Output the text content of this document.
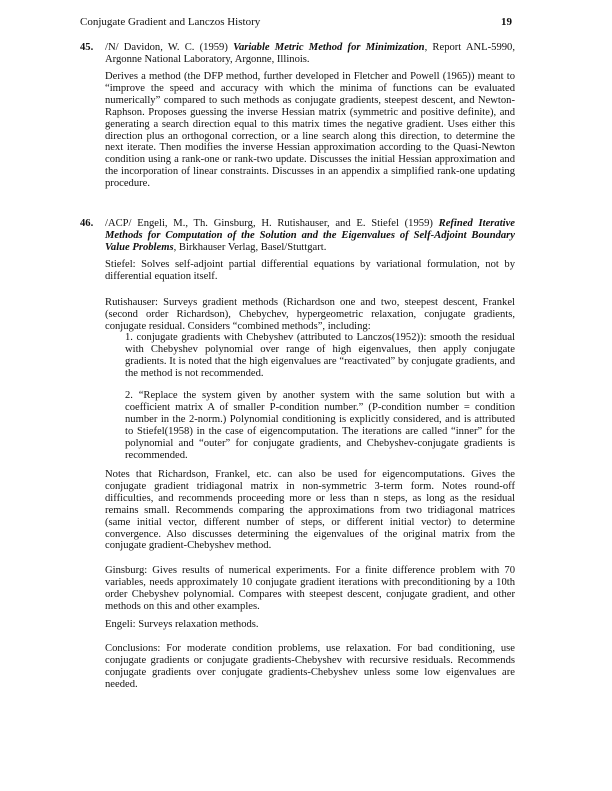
Conjugate Gradient and Lanczos History	19
45. /N/ Davidon, W. C. (1959) Variable Metric Method for Minimization, Report ANL-5990, Argonne National Laboratory, Argonne, Illinois.
Derives a method (the DFP method, further developed in Fletcher and Powell (1965)) meant to “improve the speed and accuracy with which the minima of functions can be evaluated numerically” compared to such methods as conjugate gradients, steepest descent, and Newton-Raphson. Proposes guessing the inverse Hessian matrix (symmetric and positive definite), and generating a search direction equal to this matrix times the negative gradient. Uses either this direction plus an orthogonal correction, or a line search along this direction, to determine the next iterate. Then modifies the inverse Hessian approximation according to the Quasi-Newton condition using a rank-one or rank-two update. Discusses the initial Hessian approximation and the incorporation of linear constraints. Discusses in an appendix a simplified rank-one updating procedure.
46. /ACP/ Engeli, M., Th. Ginsburg, H. Rutishauser, and E. Stiefel (1959) Refined Iterative Methods for Computation of the Solution and the Eigenvalues of Self-Adjoint Boundary Value Problems, Birkhauser Verlag, Basel/Stuttgart.
Stiefel: Solves self-adjoint partial differential equations by variational formulation, not by differential equation itself.
Rutishauser: Surveys gradient methods (Richardson one and two, steepest descent, Frankel (second order Richardson), Chebychev, hypergeometric relaxation, conjugate gradients, conjugate residual. Considers “combined methods”, including:
1. conjugate gradients with Chebyshev (attributed to Lanczos(1952)): smooth the residual with Chebyshev polynomial over range of high eigenvalues, then apply conjugate gradients. It is noted that the high eigenvalues are “reactivated” by conjugate gradients, and the method is not recommended.
2. “Replace the system given by another system with the same solution but with a coefficient matrix A of smaller P-condition number.” (P-condition number = condition number in the 2-norm.) Polynomial conditioning is explicitly considered, and is attributed to Stiefel(1958) in the case of eigencomputation. The iterations are called “inner” for the polynomial and “outer” for conjugate gradients, and Chebyshev-conjugate gradients is recommended.
Notes that Richardson, Frankel, etc. can also be used for eigencomputations. Gives the conjugate gradient tridiagonal matrix in non-symmetric 3-term form. Notes round-off difficulties, and recommends proceeding more or less than n steps, as long as the residual remains small. Recommends comparing the approximations from two tridiagonal matrices (same initial vector, different number of steps, or different initial vector) to determine convergence. Also discusses determining the eigenvalues of the original matrix from the conjugate gradient-Chebyshev method.
Ginsburg: Gives results of numerical experiments. For a finite difference problem with 70 variables, needs approximately 10 conjugate gradient iterations with preconditioning by a 10th order Chebyshev polynomial. Compares with steepest descent, conjugate gradient, and other methods on this and other examples.
Engeli: Surveys relaxation methods.
Conclusions: For moderate condition problems, use relaxation. For bad conditioning, use conjugate gradients or conjugate gradients-Chebyshev with recursive residuals. Recommends conjugate gradients over conjugate gradients-Chebyshev unless some low eigenvalues are needed.
